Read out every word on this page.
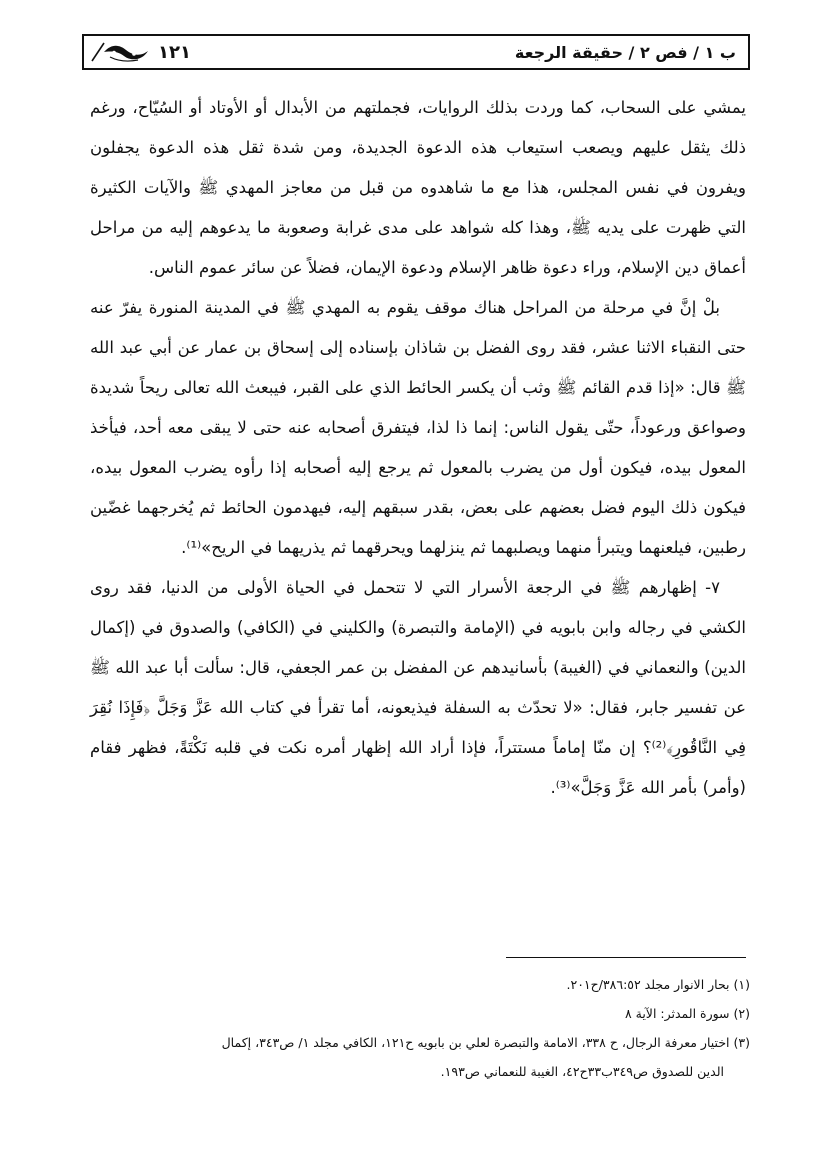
ب ١ / فص ٢ / حقيقة الرجعة
١٢١

يمشي على السحاب، كما وردت بذلك الروايات، فجملتهم من الأبدال أو الأوتاد أو السُيّاح، ورغم ذلك يثقل عليهم ويصعب استيعاب هذه الدعوة الجديدة، ومن شدة ثقل هذه الدعوة يجفلون ويفرون في نفس المجلس، هذا مع ما شاهدوه من قبل من معاجز المهدي ﷺ والآيات الكثيرة التي ظهرت على يديه ﷺ، وهذا كله شواهد على مدى غرابة وصعوبة ما يدعوهم إليه من مراحل أعماق دين الإسلام، وراء دعوة ظاهر الإسلام ودعوة الإيمان، فضلاً عن سائر عموم الناس.

بلْ إنَّ في مرحلة من المراحل هناك موقف يقوم به المهدي ﷺ في المدينة المنورة يفرّ عنه حتى النقباء الاثنا عشر، فقد روى الفضل بن شاذان بإسناده إلى إسحاق بن عمار عن أبي عبد الله ﷺ قال: «إذا قدم القائم ﷺ وثب أن يكسر الحائط الذي على القبر، فيبعث الله تعالى ريحاً شديدة وصواعق ورعوداً، حتّى يقول الناس: إنما ذا لذا، فيتفرق أصحابه عنه حتى لا يبقى معه أحد، فيأخذ المعول بيده، فيكون أول من يضرب بالمعول ثم يرجع إليه أصحابه إذا رأوه يضرب المعول بيده، فيكون ذلك اليوم فضل بعضهم على بعض، بقدر سبقهم إليه، فيهدمون الحائط ثم يُخرجهما غضّين رطبين، فيلعنهما ويتبرأ منهما ويصلبهما ثم ينزلهما ويحرقهما ثم يذريهما في الريح»⁽¹⁾.

٧- إظهارهم ﷺ في الرجعة الأسرار التي لا تتحمل في الحياة الأولى من الدنيا، فقد روى الكشي في رجاله وابن بابويه في (الإمامة والتبصرة) والكليني في (الكافي) والصدوق في (إكمال الدين) والنعماني في (الغيبة) بأسانيدهم عن المفضل بن عمر الجعفي، قال: سألت أبا عبد الله ﷺ عن تفسير جابر، فقال: «لا تحدّث به السفلة فيذيعونه، أما تقرأ في كتاب الله عَزَّ وَجَلَّ ﴿فَإِذَا نُقِرَ فِي النَّاقُورِ﴾⁽²⁾؟ إن منّا إماماً مستتراً، فإذا أراد الله إظهار أمره نكت في قلبه نَكْتَةً، فظهر فقام (وأمر) بأمر الله عَزَّ وَجَلَّ»⁽³⁾.

(١) بحار الانوار مجلد ٣٨٦:٥٢/ح٢٠١.

(٢) سورة المدثر: الآية ٨

(٣) اختيار معرفة الرجال، ح ٣٣٨، الامامة والتبصرة لعلي بن بابويه ح١٢١، الكافي مجلد ١/ ص٣٤٣، إكمال

الدين للصدوق ص٣٤٩ب٣٣ح٤٢، الغيبة للنعماني ص١٩٣.
